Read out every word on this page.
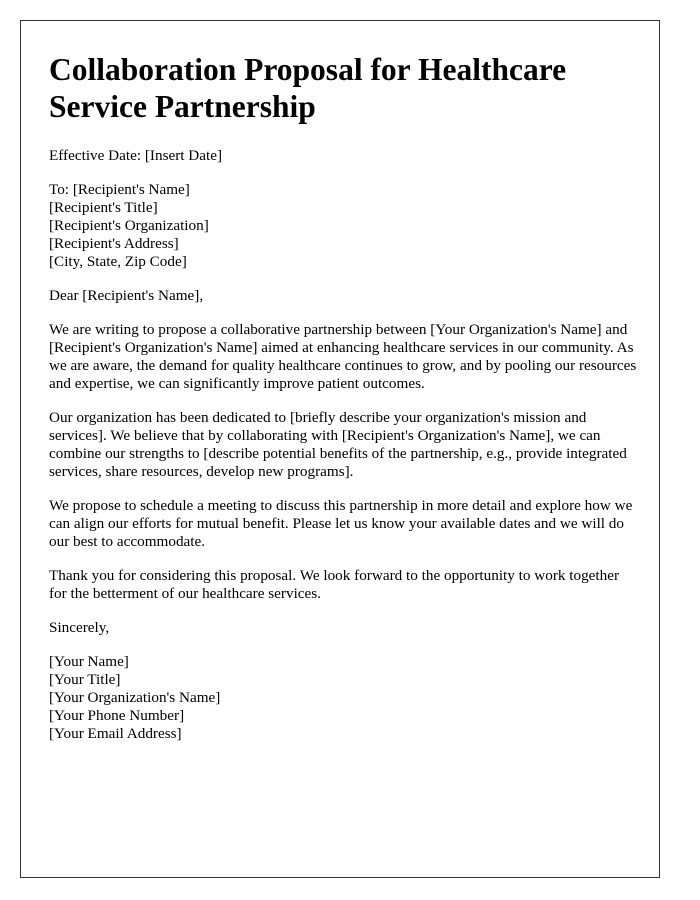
Collaboration Proposal for Healthcare Service Partnership

Effective Date: [Insert Date]

To: [Recipient's Name]
[Recipient's Title]
[Recipient's Organization]
[Recipient's Address]
[City, State, Zip Code]

Dear [Recipient's Name],

We are writing to propose a collaborative partnership between [Your Organization's Name] and [Recipient's Organization's Name] aimed at enhancing healthcare services in our community. As we are aware, the demand for quality healthcare continues to grow, and by pooling our resources and expertise, we can significantly improve patient outcomes.

Our organization has been dedicated to [briefly describe your organization's mission and services]. We believe that by collaborating with [Recipient's Organization's Name], we can combine our strengths to [describe potential benefits of the partnership, e.g., provide integrated services, share resources, develop new programs].

We propose to schedule a meeting to discuss this partnership in more detail and explore how we can align our efforts for mutual benefit. Please let us know your available dates and we will do our best to accommodate.

Thank you for considering this proposal. We look forward to the opportunity to work together for the betterment of our healthcare services.

Sincerely,

[Your Name]
[Your Title]
[Your Organization's Name]
[Your Phone Number]
[Your Email Address]
